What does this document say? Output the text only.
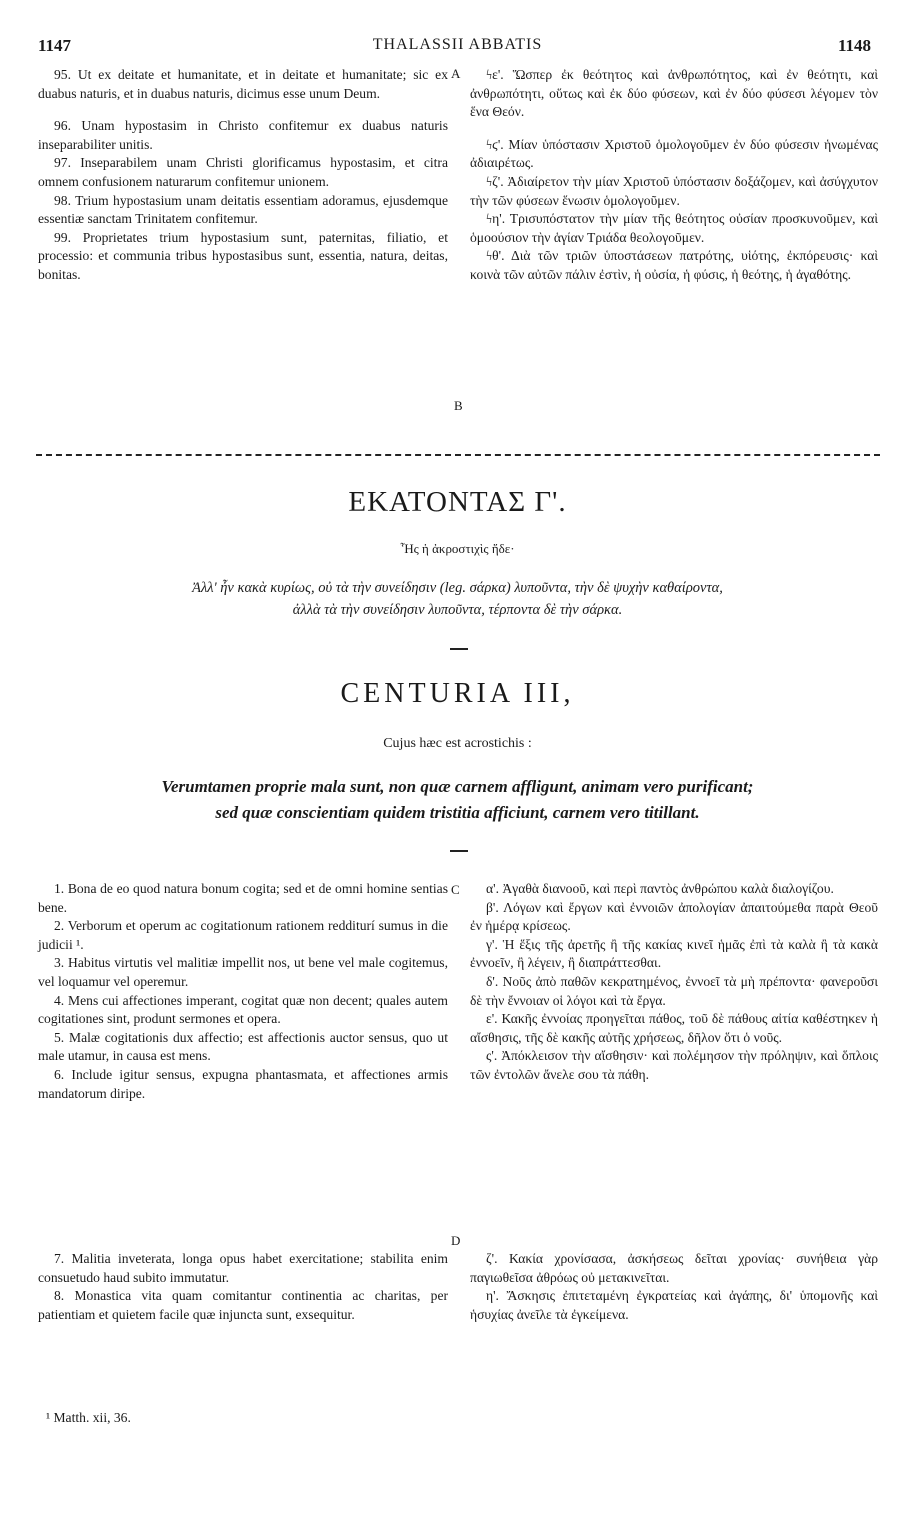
1147	THALASSII ABBATIS	1148

95. Ut ex deitate et humanitate, et in deitate et humanitate; sic ex duabus naturis, et in duabus naturis, dicimus esse unum Deum.

96. Unam hypostasim in Christo confitemur ex duabus naturis inseparabiliter unitis.

97. Inseparabilem unam Christi glorificamus hypostasim, et citra omnem confusionem naturarum confitemur unionem.

98. Trium hypostasium unam deitatis essentiam adoramus, ejusdemque essentiæ sanctam Trinitatem confitemur.

99. Proprietates trium hypostasium sunt, paternitas, filiatio, et processio: et communia tribus hypostasibus sunt, essentia, natura, deitas, bonitas.

ϟε'. Ὥσπερ ἐκ θεότητος καὶ ἀνθρωπότητος, καὶ ἐν θεότητι, καὶ ἀνθρωπότητι, οὕτως καὶ ἐκ δύο φύσεων, καὶ ἐν δύο φύσεσι λέγομεν τὸν ἕνα Θεόν.

ϟϛ'. Μίαν ὑπόστασιν Χριστοῦ ὁμολογοῦμεν ἐν δύο φύσεσιν ἡνωμένας ἀδιαιρέτως.

ϟζ'. Ἀδιαίρετον τὴν μίαν Χριστοῦ ὑπόστασιν δοξάζομεν, καὶ ἀσύγχυτον τὴν τῶν φύσεων ἕνωσιν ὁμολογοῦμεν.

ϟη'. Τρισυπόστατον τὴν μίαν τῆς θεότητος οὐσίαν προσκυνοῦμεν, καὶ ὁμοούσιον τὴν ἁγίαν Τριάδα θεολογοῦμεν.

ϟθ'. Διὰ τῶν τριῶν ὑποστάσεων πατρότης, υἱότης, ἐκπόρευσις· καὶ κοινὰ τῶν αὐτῶν πάλιν ἐστὶν, ἡ οὐσία, ἡ φύσις, ἡ θεότης, ἡ ἀγαθότης.

A
B
C
D
ΕΚΑΤΟΝΤΑΣ Γ'.
Ἧς ἡ ἀκροστιχὶς ἥδε·
Ἀλλ' ἦν κακὰ κυρίως, οὐ τὰ τὴν συνείδησιν (leg. σάρκα) λυποῦντα, τὴν δὲ ψυχὴν καθαίροντα,
ἀλλὰ τὰ τὴν συνείδησιν λυποῦντα, τέρποντα δὲ τὴν σάρκα.
CENTURIA III,
Cujus hæc est acrostichis :
Verumtamen proprie mala sunt, non quæ carnem affligunt, animam vero purificant;
sed quæ conscientiam quidem tristitia afficiunt, carnem vero titillant.

1. Bona de eo quod natura bonum cogita; sed et de omni homine sentias bene.

2. Verborum et operum ac cogitationum rationem redditurí sumus in die judicii ¹.

3. Habitus virtutis vel malitiæ impellit nos, ut bene vel male cogitemus, vel loquamur vel operemur.

4. Mens cui affectiones imperant, cogitat quæ non decent; quales autem cogitationes sint, produnt sermones et opera.

5. Malæ cogitationis dux affectio; est affectionis auctor sensus, quo ut male utamur, in causa est mens.

6. Include igitur sensus, expugna phantasmata, et affectiones armis mandatorum diripe.

7. Malitia inveterata, longa opus habet exercitatione; stabilita enim consuetudo haud subito immutatur.

8. Monastica vita quam comitantur continentia ac charitas, per patientiam et quietem facile quæ injuncta sunt, exsequitur.

α'. Ἀγαθὰ διανοοῦ, καὶ περὶ παντὸς ἀνθρώπου καλὰ διαλογίζου.

β'. Λόγων καὶ ἔργων καὶ ἐννοιῶν ἀπολογίαν ἀπαιτούμεθα παρὰ Θεοῦ ἐν ἡμέρᾳ κρίσεως.

γ'. Ἡ ἕξις τῆς ἀρετῆς ἢ τῆς κακίας κινεῖ ἡμᾶς ἐπὶ τὰ καλὰ ἢ τὰ κακὰ ἐννοεῖν, ἢ λέγειν, ἢ διαπράττεσθαι.

δ'. Νοῦς ἀπὸ παθῶν κεκρατημένος, ἐννοεῖ τὰ μὴ πρέποντα· φανεροῦσι δὲ τὴν ἔννοιαν οἱ λόγοι καὶ τὰ ἔργα.

ε'. Κακῆς ἐννοίας προηγεῖται πάθος, τοῦ δὲ πάθους αἰτία καθέστηκεν ἡ αἴσθησις, τῆς δὲ κακῆς αὐτῆς χρήσεως, δῆλον ὅτι ὁ νοῦς.

ς'. Ἀπόκλεισον τὴν αἴσθησιν· καὶ πολέμησον τὴν πρόληψιν, καὶ ὅπλοις τῶν ἐντολῶν ἄνελε σου τὰ πάθη.

ζ'. Κακία χρονίσασα, ἀσκήσεως δεῖται χρονίας· συνήθεια γὰρ παγιωθεῖσα ἀθρόως οὐ μετακινεῖται.

η'. Ἄσκησις ἐπιτεταμένη ἐγκρατείας καὶ ἀγάπης, δι' ὑπομονῆς καὶ ἡσυχίας ἀνεῖλε τὰ ἐγκείμενα.

¹ Matth. xii, 36.
